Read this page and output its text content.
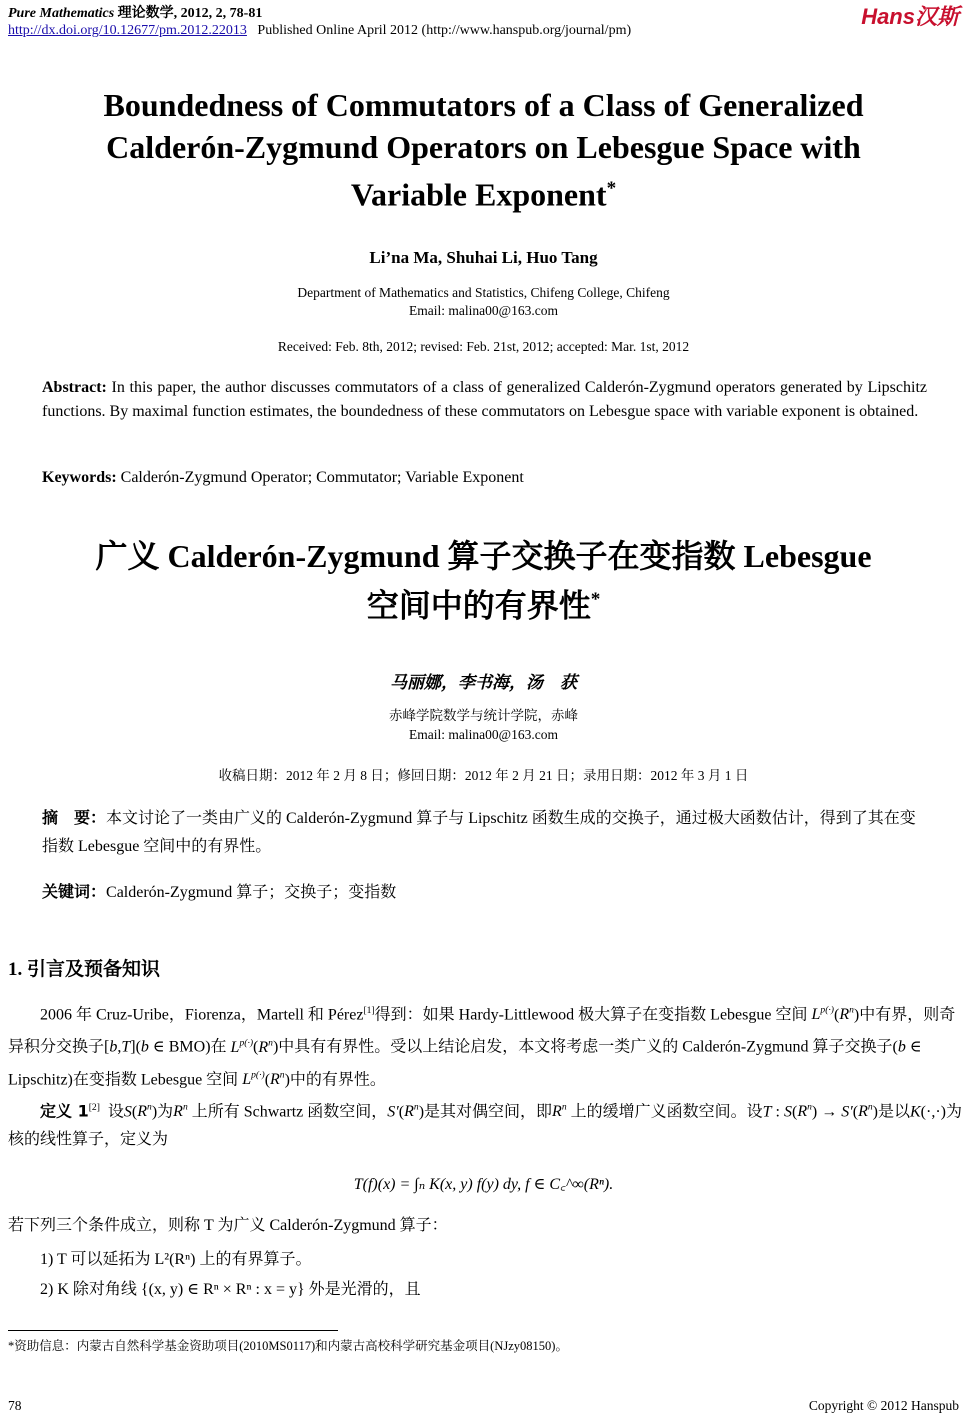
Pure Mathematics 理论数学, 2012, 2, 78-81	Hans汉斯
http://dx.doi.org/10.12677/pm.2012.22013 Published Online April 2012 (http://www.hanspub.org/journal/pm)
Boundedness of Commutators of a Class of Generalized
Calderón-Zygmund Operators on Lebesgue Space with
Variable Exponent*
Li’na Ma, Shuhai Li, Huo Tang
Department of Mathematics and Statistics, Chifeng College, Chifeng
Email: malina00@163.com
Received: Feb. 8th, 2012; revised: Feb. 21st, 2012; accepted: Mar. 1st, 2012
Abstract: In this paper, the author discusses commutators of a class of generalized Calderón-Zygmund operators generated by Lipschitz functions. By maximal function estimates, the boundedness of these commutators on Lebesgue space with variable exponent is obtained.
Keywords: Calderón-Zygmund Operator; Commutator; Variable Exponent
广义 Calderón-Zygmund 算子交换子在变指数 Lebesgue
空间中的有界性*
马丽娜，李书海，汤　获
赤峰学院数学与统计学院，赤峰
Email: malina00@163.com
收稿日期：2012 年 2 月 8 日；修回日期：2012 年 2 月 21 日；录用日期：2012 年 3 月 1 日
摘　要：本文讨论了一类由广义的 Calderón-Zygmund 算子与 Lipschitz 函数生成的交换子，通过极大函数估计，得到了其在变指数 Lebesgue 空间中的有界性。
关键词：Calderón-Zygmund 算子；交换子；变指数
1. 引言及预备知识
2006 年 Cruz-Uribe，Fiorenza，Martell 和 Pérez[1]得到：如果 Hardy-Littlewood 极大算子在变指数 Lebesgue 空间 $L^{p(\cdot)}(R^n)$中有界，则奇异积分交换子[b,T](b ∈ BMO)在 $L^{p(\cdot)}(R^n)$中具有有界性。受以上结论启发，本文将考虑一类广义的 Calderón-Zygmund 算子交换子(b ∈ Lipschitz)在变指数 Lebesgue 空间 $L^{p(\cdot)}(R^n)$中的有界性。
定义 1[2] 设$S(R^n)$为$R^n$ 上所有 Schwartz 函数空间，$S'(R^n)$是其对偶空间，即$R^n$ 上的缓增广义函数空间。设T : $S(R^n) \to S'(R^n)$是以K(·,·)为核的线性算子，定义为
T(f)(x) = ∫ₙ K(x, y) f(y) dy, f ∈ C꜀^∞(Rⁿ).
若下列三个条件成立，则称 T 为广义 Calderón-Zygmund 算子：
1) T 可以延拓为 L²(Rⁿ) 上的有界算子。
2) K 除对角线 {(x, y) ∈ Rⁿ × Rⁿ : x = y} 外是光滑的，且
*资助信息：内蒙古自然科学基金资助项目(2010MS0117)和内蒙古高校科学研究基金项目(NJzy08150)。
78	Copyright © 2012 Hanspub
